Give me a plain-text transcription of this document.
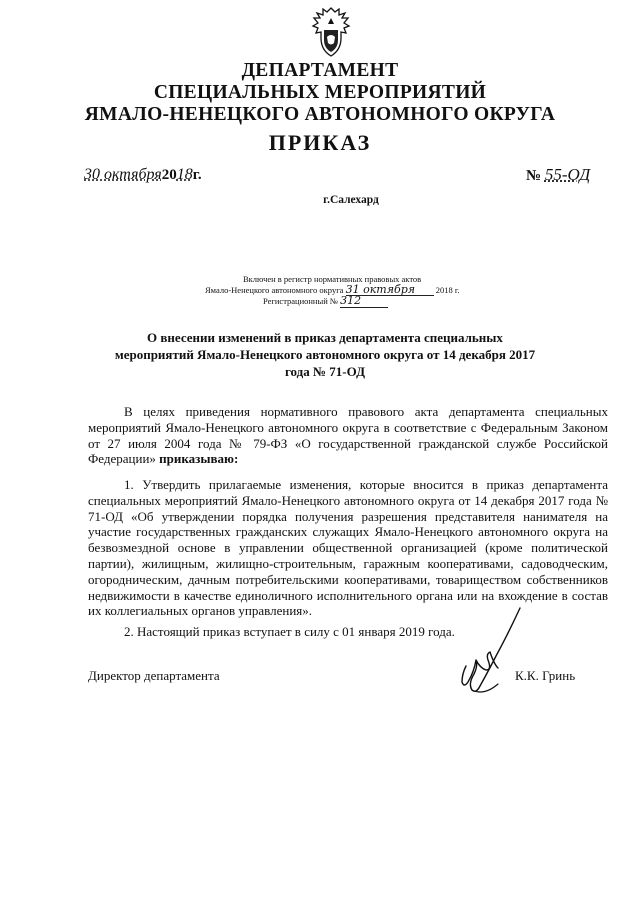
ДЕПАРТАМЕНТ
СПЕЦИАЛЬНЫХ МЕРОПРИЯТИЙ
ЯМАЛО-НЕНЕЦКОГО АВТОНОМНОГО ОКРУГА
ПРИКАЗ
30 октября2018г.	№ 55-ОД
г.Салехард
Включен в регистр нормативных правовых актов
Ямало-Ненецкого автономного округа 31 октября 2018 г.
Регистрационный № 312
О внесении изменений в приказ департамента специальных мероприятий Ямало-Ненецкого автономного округа от 14 декабря 2017 года № 71-ОД

В целях приведения нормативного правового акта департамента специальных мероприятий Ямало-Ненецкого автономного округа в соответствие с Федеральным Законом от 27 июля 2004 года № 79-ФЗ «О государственной гражданской службе Российской Федерации» приказываю:

1. Утвердить прилагаемые изменения, которые вносится в приказ департамента специальных мероприятий Ямало-Ненецкого автономного округа от 14 декабря 2017 года № 71-ОД «Об утверждении порядка получения разрешения представителя нанимателя на участие государственных гражданских служащих Ямало-Ненецкого автономного округа на безвозмездной основе в управлении общественной организацией (кроме политической партии), жилищным, жилищно-строительным, гаражным кооперативами, садоводческим, огородническим, дачным потребительскими кооперативами, товариществом собственников недвижимости в качестве единоличного исполнительного органа или на вхождение в состав их коллегиальных органов управления».

2. Настоящий приказ вступает в силу с 01 января 2019 года.

Директор департамента	К.К. Гринь
